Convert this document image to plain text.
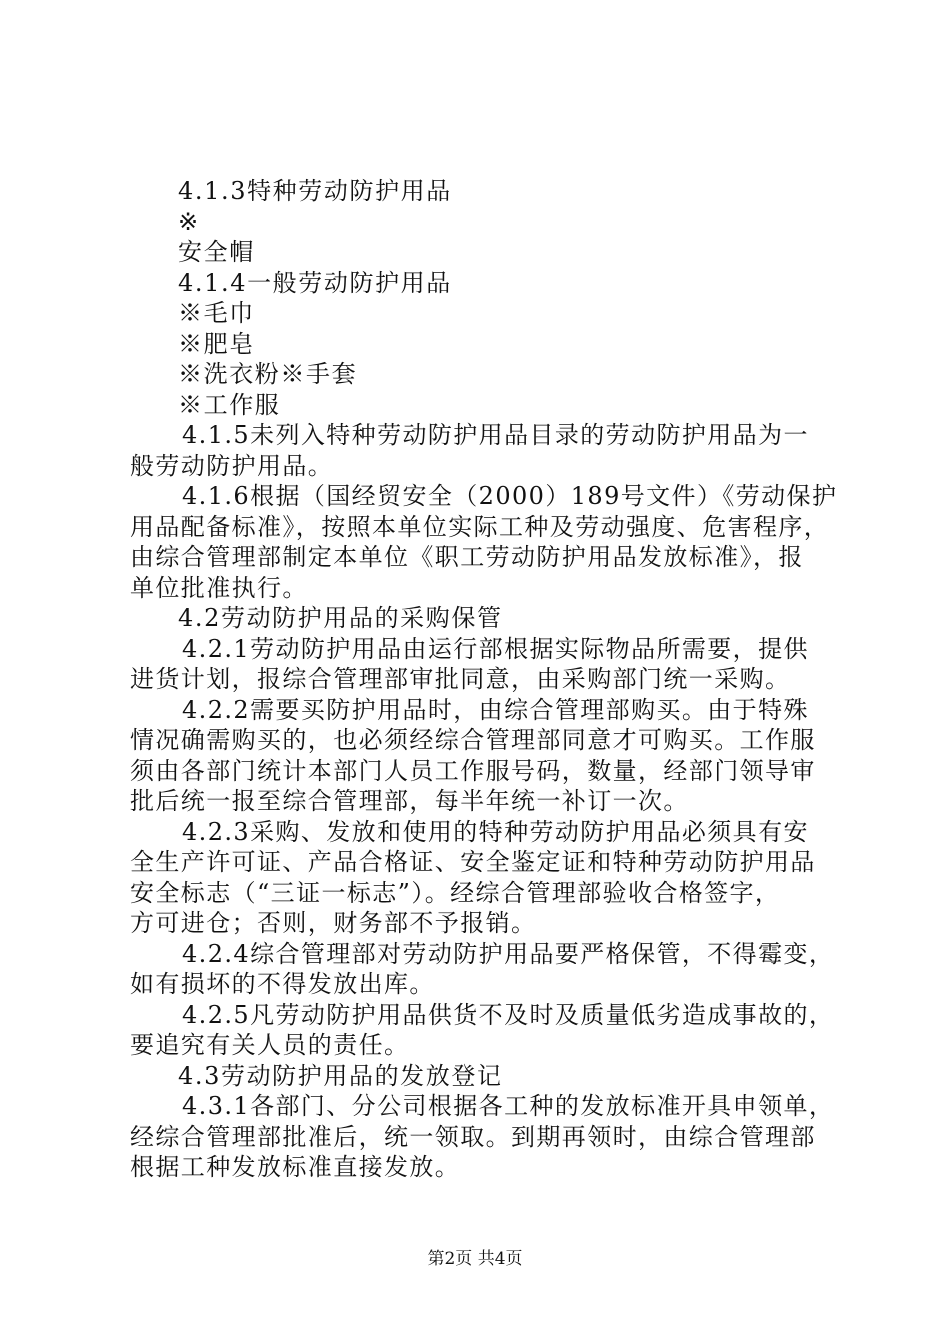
4.1.3特种劳动防护用品

※

安全帽

4.1.4一般劳动防护用品

※毛巾

※肥皂

※洗衣粉※手套

※工作服

4.1.5未列入特种劳动防护用品目录的劳动防护用品为一
般劳动防护用品。
4.1.6根据（国经贸安全（2000）189号文件）《劳动保护
用品配备标准》，按照本单位实际工种及劳动强度、危害程序，
由综合管理部制定本单位《职工劳动防护用品发放标准》，报
单位批准执行。

4.2劳动防护用品的采购保管

4.2.1劳动防护用品由运行部根据实际物品所需要，提供
进货计划，报综合管理部审批同意，由采购部门统一采购。
4.2.2需要买防护用品时，由综合管理部购买。由于特殊
情况确需购买的，也必须经综合管理部同意才可购买。工作服
须由各部门统计本部门人员工作服号码，数量，经部门领导审
批后统一报至综合管理部，每半年统一补订一次。
4.2.3采购、发放和使用的特种劳动防护用品必须具有安
全生产许可证、产品合格证、安全鉴定证和特种劳动防护用品
安全标志（“三证一标志”）。经综合管理部验收合格签字，
方可进仓；否则，财务部不予报销。
4.2.4综合管理部对劳动防护用品要严格保管，不得霉变，
如有损坏的不得发放出库。
4.2.5凡劳动防护用品供货不及时及质量低劣造成事故的，
要追究有关人员的责任。

4.3劳动防护用品的发放登记

4.3.1各部门、分公司根据各工种的发放标准开具申领单，
经综合管理部批准后，统一领取。到期再领时，由综合管理部
根据工种发放标准直接发放。
第2页 共4页
